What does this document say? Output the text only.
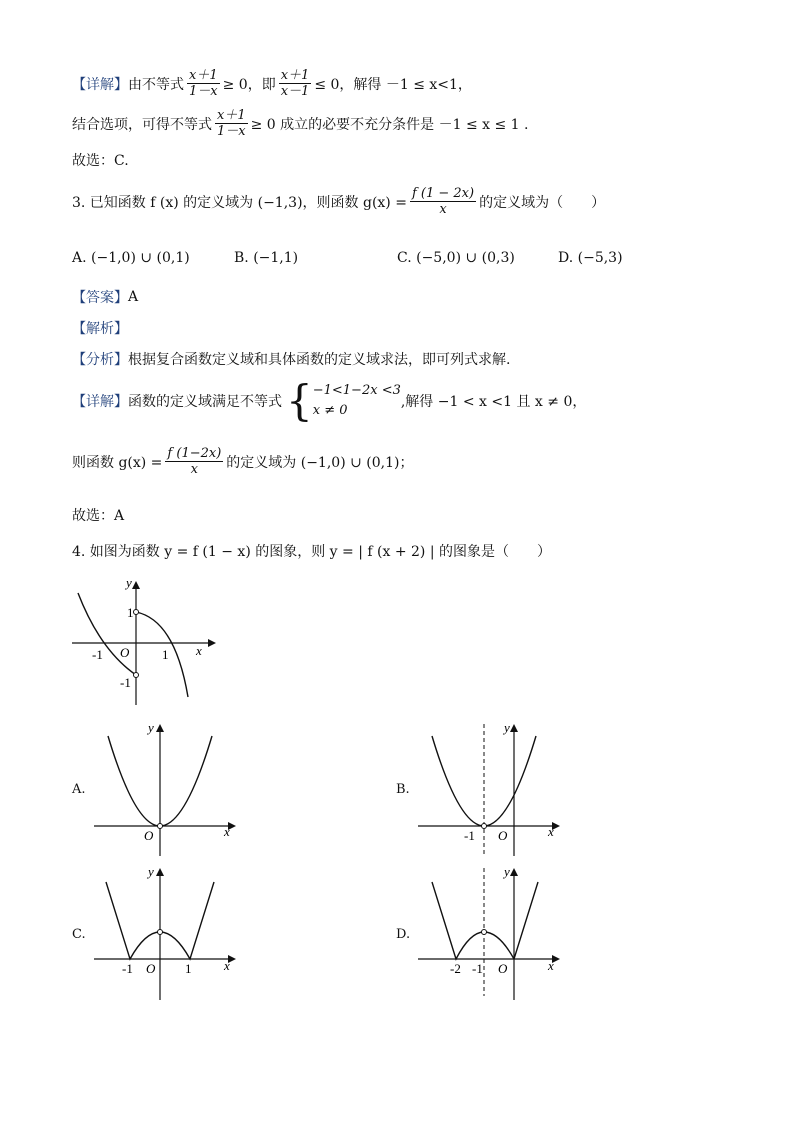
【详解】 由不等式 $\frac{x+1}{1-x} \ge 0$，即 $\frac{x+1}{x-1} \le 0$，解得 －1 ≤ x<1，
结合选项，可得不等式 $\frac{x+1}{1-x} \ge 0$ 成立的必要不充分条件是 －1 ≤ x ≤ 1 .
故选：C.
3. 已知函数 f (x) 的定义域为 (−1,3)，则函数 $g(x) = \frac{f (1 - 2x)}{x}$ 的定义域为（　　）
A. (−1,0) ∪ (0,1)	B. (−1,1)	C. (−5,0) ∪ (0,3)	D. (−5,3)
【答案】 A
【解析】
【分析】 根据复合函数定义域和具体函数的定义域求法，即可列式求解.
【详解】 函数的定义域满足不等式 { −1<1−2x <3
x ≠ 0
,解得 −1 < x <1 且 x ≠ 0，
则函数 $g(x) = \frac{f (1-2x)}{x}$ 的定义域为 (−1,0) ∪ (0,1)；
故选：A
4. 如图为函数 y = f (1 − x) 的图象，则 y = | f (x + 2) | 的图象是（　　）
y
x
O
-1
1
1
-1
A.
y
x
O
B.
y
x
O
-1
C.
y
x
O
-1	1
D.
y
x
O
-2 -1
